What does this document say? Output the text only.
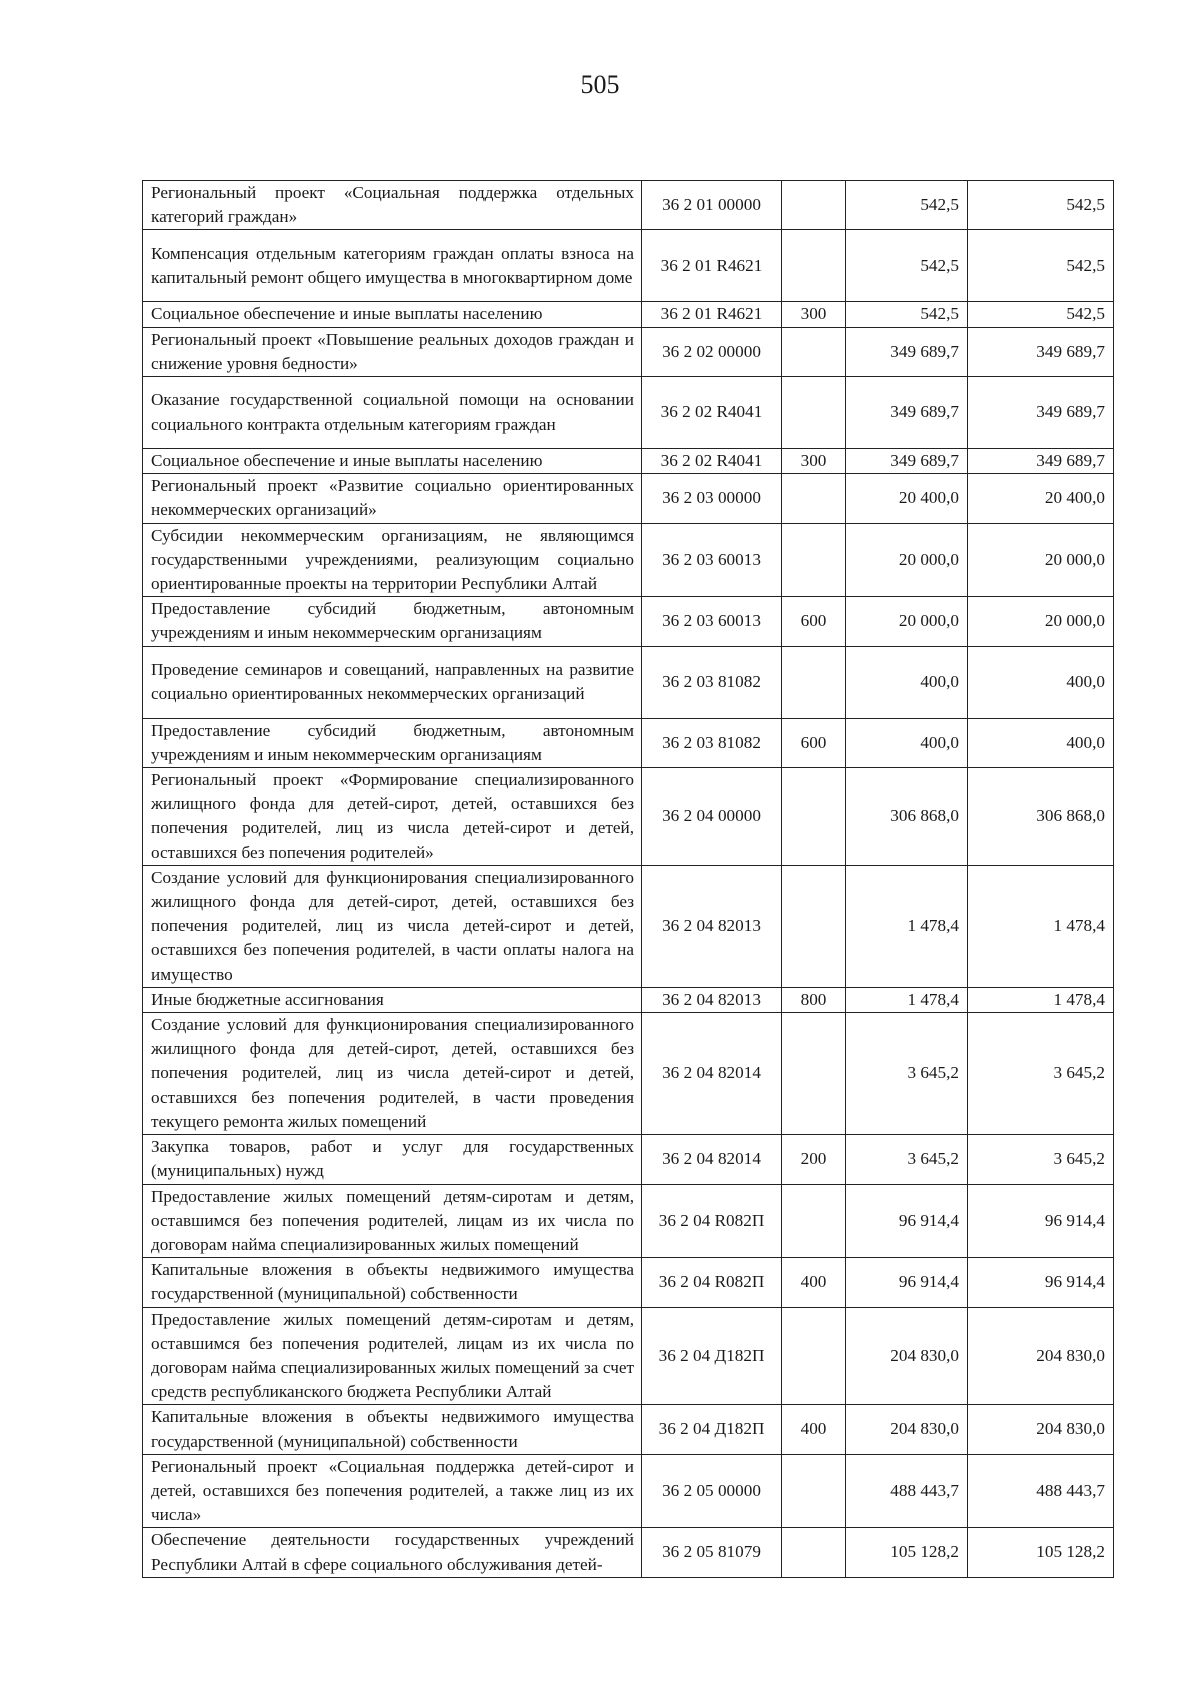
505
Региональный проект «Социальная поддержка отдельных категорий граждан»	36 2 01 00000		542,5	542,5
Компенсация отдельным категориям граждан оплаты взноса на капитальный ремонт общего имущества в многоквартирном доме	36 2 01 R4621		542,5	542,5
Социальное обеспечение и иные выплаты населению	36 2 01 R4621	300	542,5	542,5
Региональный проект «Повышение реальных доходов граждан и снижение уровня бедности»	36 2 02 00000		349 689,7	349 689,7
Оказание государственной социальной помощи на основании социального контракта отдельным категориям граждан	36 2 02 R4041		349 689,7	349 689,7
Социальное обеспечение и иные выплаты населению	36 2 02 R4041	300	349 689,7	349 689,7
Региональный проект «Развитие социально ориентированных некоммерческих организаций»	36 2 03 00000		20 400,0	20 400,0
Субсидии некоммерческим организациям, не являющимся государственными учреждениями, реализующим социально ориентированные проекты на территории Республики Алтай	36 2 03 60013		20 000,0	20 000,0
Предоставление субсидий бюджетным, автономным учреждениям и иным некоммерческим организациям	36 2 03 60013	600	20 000,0	20 000,0
Проведение семинаров и совещаний, направленных на развитие социально ориентированных некоммерческих организаций	36 2 03 81082		400,0	400,0
Предоставление субсидий бюджетным, автономным учреждениям и иным некоммерческим организациям	36 2 03 81082	600	400,0	400,0
Региональный проект «Формирование специализированного жилищного фонда для детей-сирот, детей, оставшихся без попечения родителей, лиц из числа детей-сирот и детей, оставшихся без попечения родителей»	36 2 04 00000		306 868,0	306 868,0
Создание условий для функционирования специализированного жилищного фонда для детей-сирот, детей, оставшихся без попечения родителей, лиц из числа детей-сирот и детей, оставшихся без попечения родителей, в части оплаты налога на имущество	36 2 04 82013		1 478,4	1 478,4
Иные бюджетные ассигнования	36 2 04 82013	800	1 478,4	1 478,4
Создание условий для функционирования специализированного жилищного фонда для детей-сирот, детей, оставшихся без попечения родителей, лиц из числа детей-сирот и детей, оставшихся без попечения родителей, в части проведения текущего ремонта жилых помещений	36 2 04 82014		3 645,2	3 645,2
Закупка товаров, работ и услуг для государственных (муниципальных) нужд	36 2 04 82014	200	3 645,2	3 645,2
Предоставление жилых помещений детям-сиротам и детям, оставшимся без попечения родителей, лицам из их числа по договорам найма специализированных жилых помещений	36 2 04 R082П		96 914,4	96 914,4
Капитальные вложения в объекты недвижимого имущества государственной (муниципальной) собственности	36 2 04 R082П	400	96 914,4	96 914,4
Предоставление жилых помещений детям-сиротам и детям, оставшимся без попечения родителей, лицам из их числа по договорам найма специализированных жилых помещений за счет средств республиканского бюджета Республики Алтай	36 2 04 Д182П		204 830,0	204 830,0
Капитальные вложения в объекты недвижимого имущества государственной (муниципальной) собственности	36 2 04 Д182П	400	204 830,0	204 830,0
Региональный проект «Социальная поддержка детей-сирот и детей, оставшихся без попечения родителей, а также лиц из их числа»	36 2 05 00000		488 443,7	488 443,7
Обеспечение деятельности государственных учреждений Республики Алтай в сфере социального обслуживания детей-	36 2 05 81079		105 128,2	105 128,2
